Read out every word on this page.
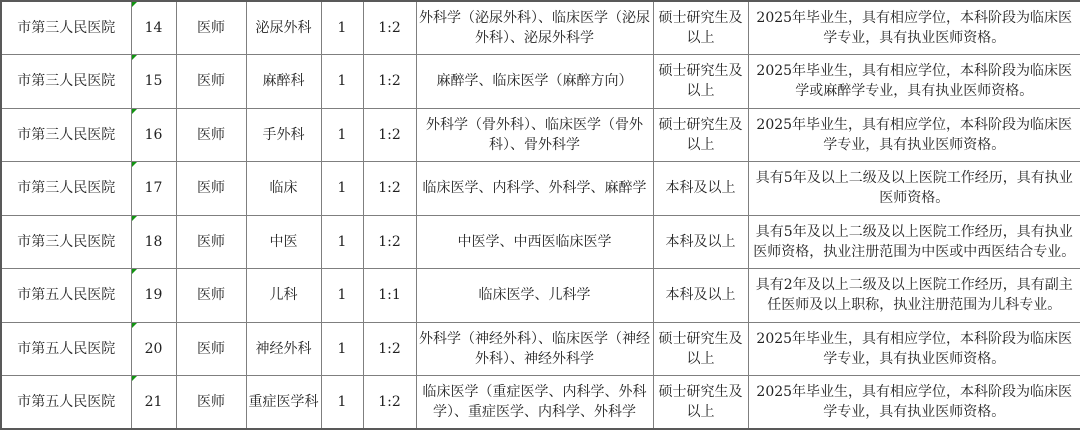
市第三人民医院	14	医师	泌尿外科	1	1:2	外科学（泌尿外科）、临床医学（泌尿外科）、泌尿外科学	硕士研究生及以上	2025年毕业生，具有相应学位，本科阶段为临床医学专业，具有执业医师资格。
市第三人民医院	15	医师	麻醉科	1	1:2	麻醉学、临床医学（麻醉方向）	硕士研究生及以上	2025年毕业生，具有相应学位，本科阶段为临床医学或麻醉学专业，具有执业医师资格。
市第三人民医院	16	医师	手外科	1	1:2	外科学（骨外科）、临床医学（骨外科）、骨外科学	硕士研究生及以上	2025年毕业生，具有相应学位，本科阶段为临床医学专业，具有执业医师资格。
市第三人民医院	17	医师	临床	1	1:2	临床医学、内科学、外科学、麻醉学	本科及以上	具有5年及以上二级及以上医院工作经历，具有执业医师资格。
市第三人民医院	18	医师	中医	1	1:2	中医学、中西医临床医学	本科及以上	具有5年及以上二级及以上医院工作经历，具有执业医师资格，执业注册范围为中医或中西医结合专业。
市第五人民医院	19	医师	儿科	1	1:1	临床医学、儿科学	本科及以上	具有2年及以上二级及以上医院工作经历，具有副主任医师及以上职称，执业注册范围为儿科专业。
市第五人民医院	20	医师	神经外科	1	1:2	外科学（神经外科）、临床医学（神经外科）、神经外科学	硕士研究生及以上	2025年毕业生，具有相应学位，本科阶段为临床医学专业，具有执业医师资格。
市第五人民医院	21	医师	重症医学科	1	1:2	临床医学（重症医学、内科学、外科学）、重症医学、内科学、外科学	硕士研究生及以上	2025年毕业生，具有相应学位，本科阶段为临床医学专业，具有执业医师资格。
